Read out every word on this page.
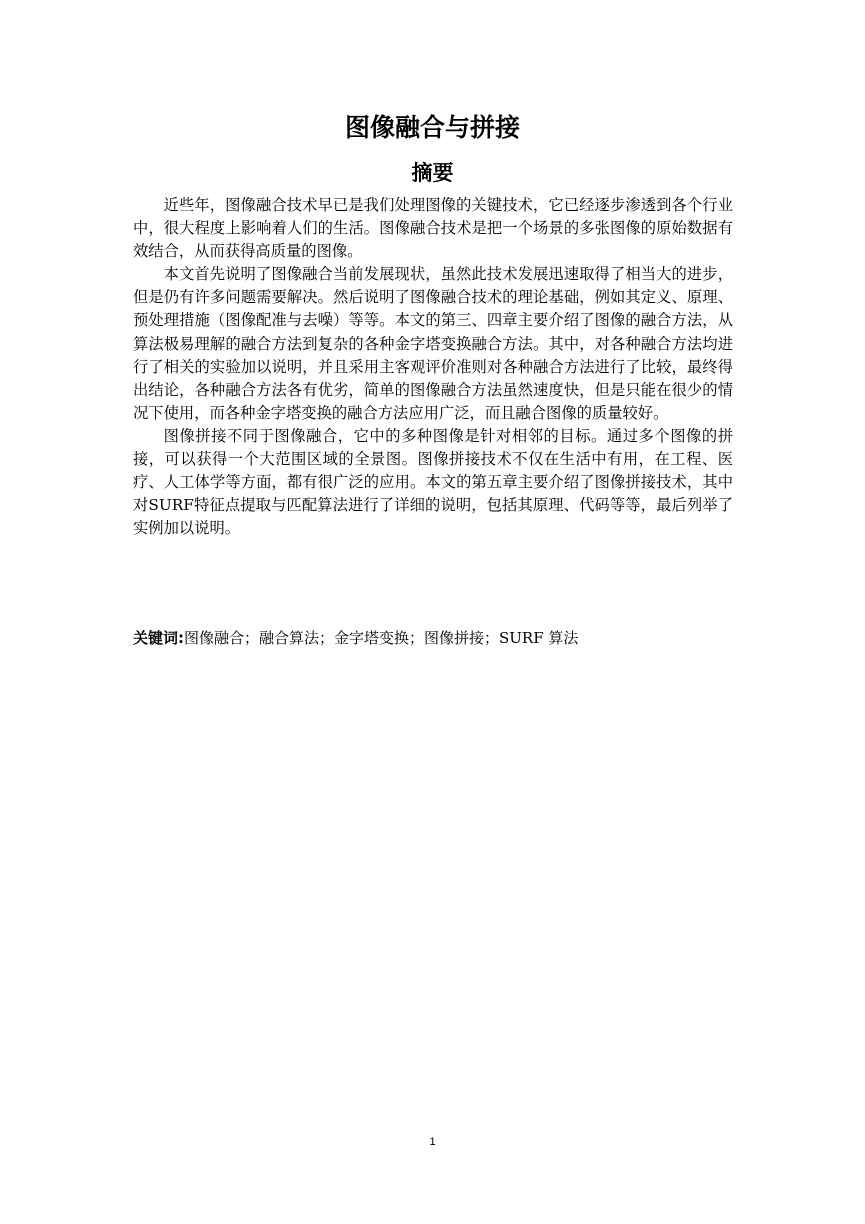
图像融合与拼接
摘要

近些年，图像融合技术早已是我们处理图像的关键技术，它已经逐步渗透到各个行业中，很大程度上影响着人们的生活。图像融合技术是把一个场景的多张图像的原始数据有效结合，从而获得高质量的图像。

本文首先说明了图像融合当前发展现状，虽然此技术发展迅速取得了相当大的进步，但是仍有许多问题需要解决。然后说明了图像融合技术的理论基础，例如其定义、原理、预处理措施（图像配准与去噪）等等。本文的第三、四章主要介绍了图像的融合方法，从算法极易理解的融合方法到复杂的各种金字塔变换融合方法。其中，对各种融合方法均进行了相关的实验加以说明，并且采用主客观评价准则对各种融合方法进行了比较，最终得出结论，各种融合方法各有优劣，简单的图像融合方法虽然速度快，但是只能在很少的情况下使用，而各种金字塔变换的融合方法应用广泛，而且融合图像的质量较好。

图像拼接不同于图像融合，它中的多种图像是针对相邻的目标。通过多个图像的拼接，可以获得一个大范围区域的全景图。图像拼接技术不仅在生活中有用，在工程、医疗、人工体学等方面，都有很广泛的应用。本文的第五章主要介绍了图像拼接技术，其中对SURF特征点提取与匹配算法进行了详细的说明，包括其原理、代码等等，最后列举了实例加以说明。

关键词:图像融合；融合算法；金字塔变换；图像拼接；SURF 算法
1
